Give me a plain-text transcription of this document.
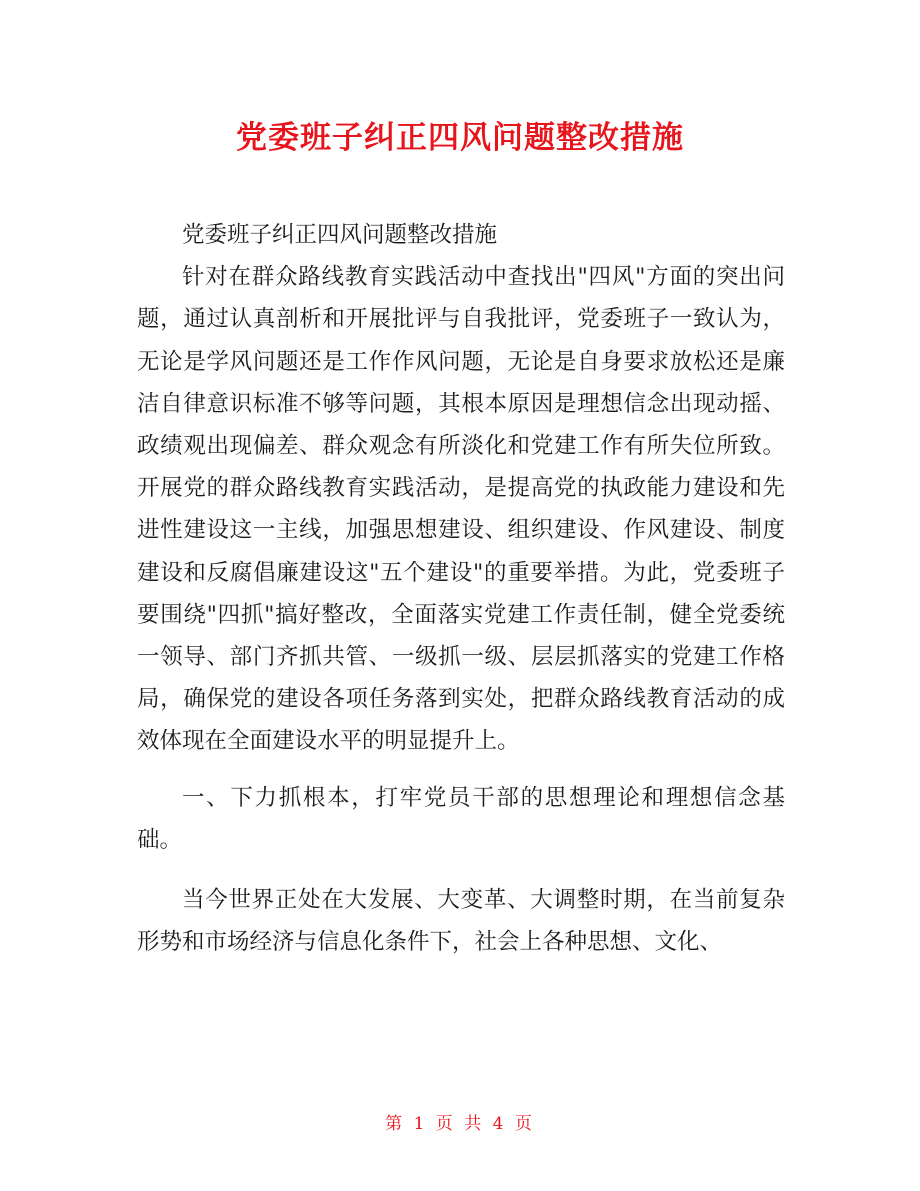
党委班子纠正四风问题整改措施

党委班子纠正四风问题整改措施

针对在群众路线教育实践活动中查找出"四风"方面的突出问题，通过认真剖析和开展批评与自我批评，党委班子一致认为，无论是学风问题还是工作作风问题，无论是自身要求放松还是廉洁自律意识标准不够等问题，其根本原因是理想信念出现动摇、政绩观出现偏差、群众观念有所淡化和党建工作有所失位所致。开展党的群众路线教育实践活动，是提高党的执政能力建设和先进性建设这一主线，加强思想建设、组织建设、作风建设、制度建设和反腐倡廉建设这"五个建设"的重要举措。为此，党委班子要围绕"四抓"搞好整改，全面落实党建工作责任制，健全党委统一领导、部门齐抓共管、一级抓一级、层层抓落实的党建工作格局，确保党的建设各项任务落到实处，把群众路线教育活动的成效体现在全面建设水平的明显提升上。

一、下力抓根本，打牢党员干部的思想理论和理想信念基础。

当今世界正处在大发展、大变革、大调整时期，在当前复杂形势和市场经济与信息化条件下，社会上各种思想、文化、

第 1 页 共 4 页
